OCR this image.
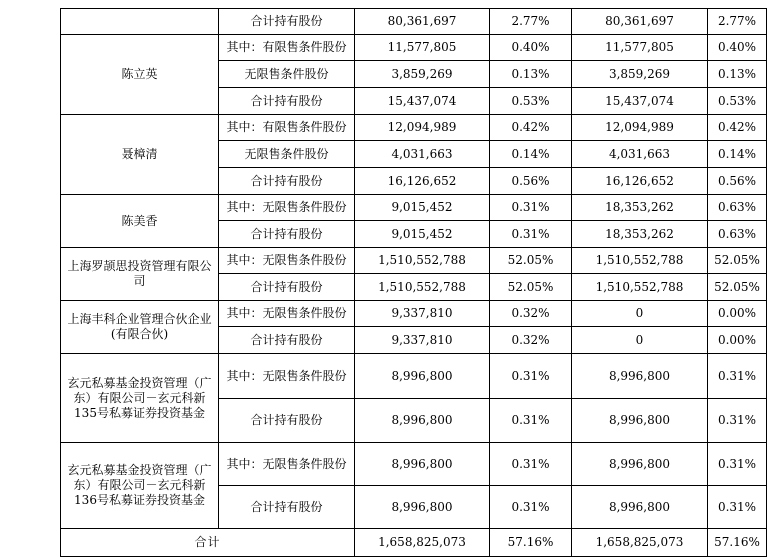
	合计持有股份	80,361,697	2.77%	80,361,697	2.77%
陈立英	其中：有限售条件股份	11,577,805	0.40%	11,577,805	0.40%
	无限售条件股份	3,859,269	0.13%	3,859,269	0.13%
	合计持有股份	15,437,074	0.53%	15,437,074	0.53%
聂樟清	其中：有限售条件股份	12,094,989	0.42%	12,094,989	0.42%
	无限售条件股份	4,031,663	0.14%	4,031,663	0.14%
	合计持有股份	16,126,652	0.56%	16,126,652	0.56%
陈美香	其中：无限售条件股份	9,015,452	0.31%	18,353,262	0.63%
	合计持有股份	9,015,452	0.31%	18,353,262	0.63%
上海罗颉思投资管理有限公司	其中：无限售条件股份	1,510,552,788	52.05%	1,510,552,788	52.05%
	合计持有股份	1,510,552,788	52.05%	1,510,552,788	52.05%
上海丰科企业管理合伙企业(有限合伙)	其中：无限售条件股份	9,337,810	0.32%	0	0.00%
	合计持有股份	9,337,810	0.32%	0	0.00%
玄元私募基金投资管理（广东）有限公司－玄元科新135号私募证券投资基金	其中：无限售条件股份	8,996,800	0.31%	8,996,800	0.31%
	合计持有股份	8,996,800	0.31%	8,996,800	0.31%
玄元私募基金投资管理（广东）有限公司－玄元科新136号私募证券投资基金	其中：无限售条件股份	8,996,800	0.31%	8,996,800	0.31%
	合计持有股份	8,996,800	0.31%	8,996,800	0.31%
合计		1,658,825,073	57.16%	1,658,825,073	57.16%
